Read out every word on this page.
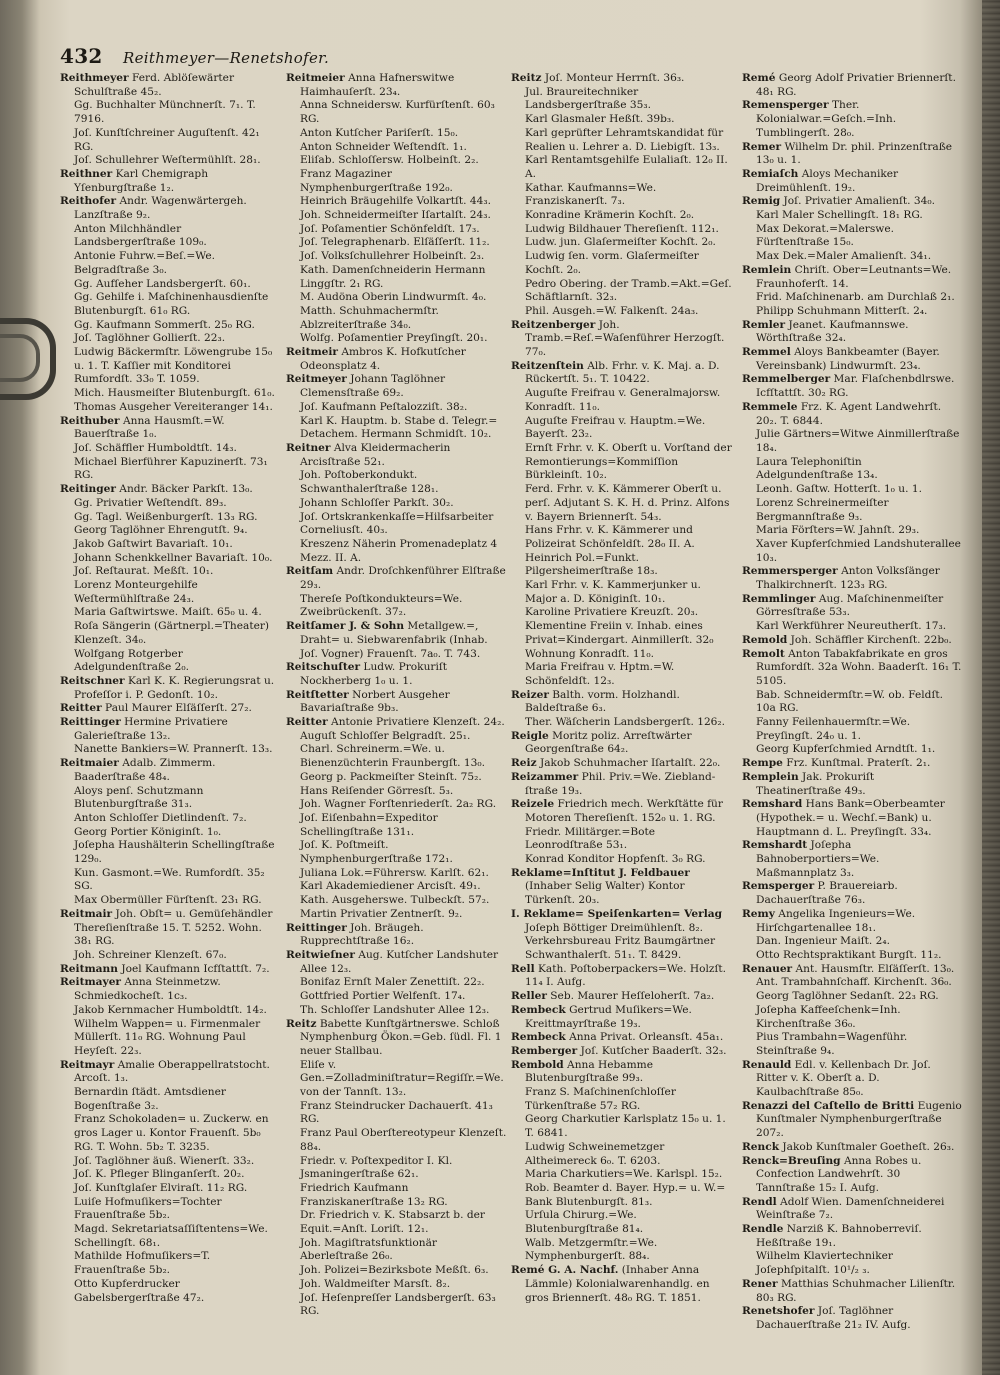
432 Reithmeyer—Renetshofer.

Reithmeyer Ferd. Ablöſewärter Schulſtraße 45₂.

Gg. Buchhalter Münchnerſt. 7₁. T. 7916.

Joſ. Kunſtſchreiner Auguſtenſt. 42₁ RG.

Joſ. Schullehrer Weſtermühlſt. 28₁.

Reithner Karl Chemigraph Yſenburgſtraße 1₂.

Reithofer Andr. Wagenwärtergeh. Lanzſtraße 9₂.

Anton Milchhändler Landsbergerſtraße 109₀.

Antonie Fuhrw.=Beſ.=We. Belgradſtraße 3₀.

Gg. Aufſeher Landsbergerſt. 60₁.

Gg. Gehilfe i. Maſchinenhausdienſte Blutenburgſt. 61₀ RG.

Gg. Kaufmann Sommerſt. 25₀ RG.

Joſ. Taglöhner Gollierſt. 22₃.

Ludwig Bäckermſtr. Löwengrube 15₀ u. 1. T. Kaſſier mit Konditorei Rumfordſt. 33₀ T. 1059.

Mich. Hausmeiſter Blutenburgſt. 61₀.

Thomas Ausgeher Vereiteranger 14₁.

Reithuber Anna Hausmſt.=W. Bauerſtraße 1₀.

Joſ. Schäffler Humboldtſt. 14₃.

Michael Bierführer Kapuzinerſt. 73₁ RG.

Reitinger Andr. Bäcker Parkſt. 13₀.

Gg. Privatier Weſtendſt. 89₃.

Gg. Tagl. Weißenburgerſt. 13₃ RG.

Georg Taglöhner Ehrengutſt. 9₄.

Jakob Gaſtwirt Bavariaſt. 10₁.

Johann Schenkkellner Bavariaſt. 10₀.

Joſ. Reſtaurat. Meßſt. 10₁.

Lorenz Monteurgehilfe Weſtermühlſtraße 24₃.

Maria Gaſtwirtswe. Maiſt. 65₀ u. 4.

Roſa Sängerin (Gärtnerpl.=Theater) Klenzeſt. 34₀.

Wolfgang Rotgerber Adelgundenſtraße 2₀.

Reitschner Karl K. K. Regierungsrat u. Profeſſor i. P. Gedonſt. 10₂.

Reitter Paul Maurer Elſäſſerſt. 27₂.

Reittinger Hermine Privatiere Galerieſtraße 13₂.

Nanette Bankiers=W. Prannerſt. 13₃.

Reitmaier Adalb. Zimmerm. Baaderſtraße 48₄.

Aloys penſ. Schutzmann Blutenburgſtraße 31₃.

Anton Schloſſer Dietlindenſt. 7₂.

Georg Portier Königinſt. 1₀.

Joſepha Haushälterin Schellingſtraße 129₀.

Kun. Gasmont.=We. Rumfordſt. 35₂ SG.

Max Obermüller Fürſtenſt. 23₁ RG.

Reitmair Joh. Obſt= u. Gemüſehändler Thereſienſtraße 15. T. 5252. Wohn. 38₁ RG.

Joh. Schreiner Klenzeſt. 67₀.

Reitmann Joel Kaufmann Icfſtattſt. 7₂.

Reitmayer Anna Steinmetzw. Schmiedkocheſt. 1c₃.

Jakob Kernmacher Humboldtſt. 14₂.

Wilhelm Wappen= u. Firmenmaler Müllerſt. 11₀ RG. Wohnung Paul Heyſeſt. 22₃.

Reitmayr Amalie Oberappellratstocht. Arcoſt. 1₃.

Bernardin ſtädt. Amtsdiener Bogenſtraße 3₂.

Franz Schokoladen= u. Zuckerw. en gros Lager u. Kontor Frauenſt. 5b₀ RG. T. Wohn. 5b₂ T. 3235.

Joſ. Taglöhner äuß. Wienerſt. 33₂.

Joſ. K. Pfleger Blinganſerſt. 20₂.

Joſ. Kunſtglaſer Elviraſt. 11₂ RG.

Luiſe Hofmuſikers=Tochter Frauenſtraße 5b₂.

Magd. Sekretariatsaſſiſtentens=We. Schellingſt. 68₁.

Mathilde Hofmuſikers=T. Frauenſtraße 5b₂.

Otto Kupferdrucker Gabelsbergerſtraße 47₂.

Reitmeier Anna Hafnerswitwe Haimhauſerſt. 23₄.

Anna Schneidersw. Kurfürſtenſt. 60₃ RG.

Anton Kutſcher Pariſerſt. 15₀.

Anton Schneider Weſtendſt. 1₁.

Eliſab. Schloſſersw. Holbeinſt. 2₂.

Franz Magaziner Nymphenburgerſtraße 192₀.

Heinrich Bräugehilfe Volkartſt. 44₃.

Joh. Schneidermeiſter Iſartalſt. 24₃.

Joſ. Poſamentier Schönfeldſt. 17₃.

Joſ. Telegraphenarb. Elſäſſerſt. 11₂.

Joſ. Volksſchullehrer Holbeinſt. 2₃.

Kath. Damenſchneiderin Hermann Linggſtr. 2₁ RG.

M. Audöna Oberin Lindwurmſt. 4₀.

Matth. Schuhmachermſtr. Ablzreiterſtraße 34₀.

Wolfg. Poſamentier Preyſingſt. 20₁.

Reitmeir Ambros K. Hofkutſcher Odeonsplatz 4.

Reitmeyer Johann Taglöhner Clemensſtraße 69₂.

Joſ. Kaufmann Peſtalozziſt. 38₂.

Karl K. Hauptm. b. Stabe d. Telegr.= Detachem. Hermann Schmidſt. 10₂.

Reitner Alva Kleidermacherin Arcisſtraße 52₁.

Joh. Poſtoberkondukt. Schwanthalerſtraße 128₁.

Johann Schloſſer Parkſt. 30₂.

Joſ. Ortskrankenkaſſe=Hilfsarbeiter Corneliusſt. 40₃.

Kreszenz Näherin Promenadeplatz 4 Mezz. II. A.

Reitſam Andr. Droſchkenführer Elſtraße 29₃.

Thereſe Poſtkondukteurs=We. Zweibrückenſt. 37₂.

Reitſamer J. & Sohn Metallgew.=, Draht= u. Siebwarenfabrik (Inhab. Joſ. Vogner) Frauenſt. 7a₀. T. 743.

Reitschuſter Ludw. Prokuriſt Nockherberg 1₀ u. 1.

Reitſtetter Norbert Ausgeher Bavariaſtraße 9b₃.

Reitter Antonie Privatiere Klenzeſt. 24₂.

Auguſt Schloſſer Belgradſt. 25₁.

Charl. Schreinerm.=We. u. Bienenzüchterin Fraunbergſt. 13₀.

Georg p. Packmeiſter Steinſt. 75₂.

Hans Reiſender Görresſt. 5₃.

Joh. Wagner Forſtenriederſt. 2a₂ RG.

Joſ. Eiſenbahn=Expeditor Schellingſtraße 131₁.

Joſ. K. Poſtmeiſt. Nymphenburgerſtraße 172₁.

Juliana Lok.=Führersw. Karlſt. 62₁.

Karl Akademiediener Arcisſt. 49₁.

Kath. Ausgeherswe. Tulbeckſt. 57₂.

Martin Privatier Zentnerſt. 9₂.

Reittinger Joh. Bräugeh. Rupprechtſtraße 16₂.

Reitwieſner Aug. Kutſcher Landshuter Allee 12₃.

Bonifaz Ernſt Maler Zenettiſt. 22₂.

Gottfried Portier Welfenſt. 17₄.

Th. Schloſſer Landshuter Allee 12₃.

Reitz Babette Kunſtgärtnerswe. Schloß Nymphenburg Ökon.=Geb. ſüdl. Fl. 1 neuer Stallbau.

Eliſe v. Gen.=Zolladminiſtratur=Regiſſr.=We. von der Tannſt. 13₂.

Franz Steindrucker Dachauerſt. 41₃ RG.

Franz Paul Oberſtereotypeur Klenzeſt. 88₄.

Friedr. v. Poſtexpeditor I. Kl. Jsmaningerſtraße 62₁.

Friedrich Kaufmann Franziskanerſtraße 13₂ RG.

Dr. Friedrich v. K. Stabsarzt b. der Equit.=Anſt. Loriſt. 12₁.

Joh. Magiſtratsfunktionär Aberleſtraße 26₀.

Joh. Polizei=Bezirksbote Meßſt. 6₃.

Joh. Waldmeiſter Marsſt. 8₂.

Joſ. Heſenpreſſer Landsbergerſt. 63₃ RG.

Reitz Joſ. Monteur Herrnſt. 36₃.

Jul. Braureitechniker Landsbergerſtraße 35₃.

Karl Glasmaler Heßſt. 39b₃.

Karl geprüfter Lehramtskandidat für Realien u. Lehrer a. D. Liebigſt. 13₃.

Karl Rentamtsgehilfe Eulaliaſt. 12₀ II. A.

Kathar. Kaufmanns=We. Franziskanerſt. 7₃.

Konradine Krämerin Kochſt. 2₀.

Ludwig Bildhauer Thereſienſt. 112₁.

Ludw. jun. Glaſermeiſter Kochſt. 2₀.

Ludwig ſen. vorm. Glaſermeiſter Kochſt. 2₀.

Pedro Obering. der Tramb.=Akt.=Geſ. Schäftlarnſt. 32₃.

Phil. Ausgeh.=W. Falkenſt. 24a₃.

Reitzenberger Joh. Tramb.=Reſ.=Waſenführer Herzogſt. 77₀.

Reitzenſtein Alb. Frhr. v. K. Maj. a. D. Rückertſt. 5₁. T. 10422.

Auguſte Freifrau v. Generalmajorsw. Konradſt. 11₀.

Auguſte Freifrau v. Hauptm.=We. Bayerſt. 23₂.

Ernſt Frhr. v. K. Oberſt u. Vorſtand der Remontierungs=Kommiſſion Bürkleinſt. 10₂.

Ferd. Frhr. v. K. Kämmerer Oberſt u. perſ. Adjutant S. K. H. d. Prinz. Alfons v. Bayern Briennerſt. 54₃.

Hans Frhr. v. K. Kämmerer und Polizeirat Schönfeldſt. 28₀ II. A.

Heinrich Pol.=Funkt. Pilgersheimerſtraße 18₃.

Karl Frhr. v. K. Kammerjunker u. Major a. D. Königinſt. 10₁.

Karoline Privatiere Kreuzſt. 20₃.

Klementine Freiin v. Inhab. eines Privat=Kindergart. Ainmillerſt. 32₀ Wohnung Konradſt. 11₀.

Maria Freifrau v. Hptm.=W. Schönfeldſt. 12₃.

Reizer Balth. vorm. Holzhandl. Baldeſtraße 6₃.

Ther. Wäſcherin Landsbergerſt. 126₂.

Reigle Moritz poliz. Arreſtwärter Georgenſtraße 64₂.

Reiz Jakob Schuhmacher Iſartalſt. 22₀.

Reizammer Phil. Priv.=We. Zieblandſtraße 19₃.

Reizele Friedrich mech. Werkſtätte für Motoren Thereſienſt. 152₀ u. 1. RG.

Friedr. Militärger.=Bote Leonrodſtraße 53₁.

Konrad Konditor Hopfenſt. 3₀ RG.

Reklame=Inſtitut J. Feldbauer (Inhaber Selig Walter) Kontor Türkenſt. 20₃.

I. Reklame= Speiſenkarten= Verlag Joſeph Böttiger Dreimühlenſt. 8₂.

Verkehrsbureau Fritz Baumgärtner Schwanthalerſt. 51₁. T. 8429.

Rell Kath. Poſtoberpackers=We. Holzſt. 11₄ I. Aufg.

Reller Seb. Maurer Heſſeloherſt. 7a₂.

Rembeck Gertrud Muſikers=We. Kreittmayrſtraße 19₃.

Rembeck Anna Privat. Orleansſt. 45a₁.

Remberger Joſ. Kutſcher Baaderſt. 32₃.

Rembold Anna Hebamme Blutenburgſtraße 99₃.

Franz S. Maſchinenſchloſſer Türkenſtraße 57₂ RG.

Georg Charkutier Karlsplatz 15₀ u. 1. T. 6841.

Ludwig Schweinemetzger Altheimereck 6₀. T. 6203.

Maria Charkutiers=We. Karlspl. 15₂.

Rob. Beamter d. Bayer. Hyp.= u. W.= Bank Blutenburgſt. 81₃.

Urſula Chirurg.=We. Blutenburgſtraße 81₄.

Walb. Metzgermſtr.=We. Nymphenburgerſt. 88₄.

Remé G. A. Nachf. (Inhaber Anna Lämmle) Kolonialwarenhandlg. en gros Briennerſt. 48₀ RG. T. 1851.

Remé Georg Adolf Privatier Briennerſt. 48₁ RG.

Remensperger Ther. Kolonialwar.=Geſch.=Inh. Tumblingerſt. 28₀.

Remer Wilhelm Dr. phil. Prinzenſtraße 13₀ u. 1.

Remiaſch Aloys Mechaniker Dreimühlenſt. 19₂.

Remig Joſ. Privatier Amalienſt. 34₀.

Karl Maler Schellingſt. 18₁ RG.

Max Dekorat.=Malerswe. Fürſtenſtraße 15₀.

Max Dek.=Maler Amalienſt. 34₁.

Remlein Chriſt. Ober=Leutnants=We. Fraunhoferſt. 14.

Frid. Maſchinenarb. am Durchlaß 2₁.

Philipp Schuhmann Mitterſt. 2₄.

Remler Jeanet. Kaufmannswe. Wörthſtraße 32₄.

Remmel Aloys Bankbeamter (Bayer. Vereinsbank) Lindwurmſt. 23₄.

Remmelberger Mar. Flaſchenbdlrswe. Icfſtattſt. 30₂ RG.

Remmele Frz. K. Agent Landwehrſt. 20₂. T. 6844.

Julie Gärtners=Witwe Ainmillerſtraße 18₄.

Laura Telephoniſtin Adelgundenſtraße 13₄.

Leonh. Gaſtw. Hotterſt. 1₀ u. 1.

Lorenz Schreinermeiſter Bergmannſtraße 9₃.

Maria Förſters=W. Jahnſt. 29₃.

Xaver Kupferſchmied Landshuterallee 10₃.

Remmersperger Anton Volksſänger Thalkirchnerſt. 123₃ RG.

Remmlinger Aug. Maſchinenmeiſter Görresſtraße 53₃.

Karl Werkführer Neureutherſt. 17₃.

Remold Joh. Schäffler Kirchenſt. 22b₀.

Remolt Anton Tabakfabrikate en gros Rumfordſt. 32a Wohn. Baaderſt. 16₁ T. 5105.

Bab. Schneidermſtr.=W. ob. Feldſt. 10a RG.

Fanny Feilenhauermſtr.=We. Preyſingſt. 24₀ u. 1.

Georg Kupferſchmied Arndtſt. 1₁.

Rempe Frz. Kunſtmal. Praterſt. 2₁.

Remplein Jak. Prokuriſt Theatinerſtraße 49₃.

Remshard Hans Bank=Oberbeamter (Hypothek.= u. Wechſ.=Bank) u. Hauptmann d. L. Preyſingſt. 33₄.

Remshardt Joſepha Bahnoberportiers=We. Maßmannplatz 3₃.

Remsperger P. Brauereiarb. Dachauerſtraße 76₃.

Remy Angelika Ingenieurs=We. Hirſchgartenallee 18₁.

Dan. Ingenieur Maiſt. 2₄.

Otto Rechtspraktikant Burgſt. 11₂.

Renauer Ant. Hausmſtr. Elſäſſerſt. 13₀.

Ant. Trambahnſchaff. Kirchenſt. 36₀.

Georg Taglöhner Sedanſt. 22₃ RG.

Joſepha Kaffeeſchenk=Inh. Kirchenſtraße 36₀.

Pius Trambahn=Wagenführ. Steinſtraße 9₄.

Renauld Edl. v. Kellenbach Dr. Joſ. Ritter v. K. Oberſt a. D. Kaulbachſtraße 85₀.

Renazzi del Caſtello de Britti Eugenio Kunſtmaler Nymphenburgerſtraße 207₂.

Renck Jakob Kunſtmaler Goetheſt. 26₃.

Renck=Breuſing Anna Robes u. Confection Landwehrſt. 30 Tannſtraße 15₂ I. Aufg.

Rendl Adolf Wien. Damenſchneiderei Weinſtraße 7₂.

Rendle Narziß K. Bahnoberreviſ. Heßſtraße 19₁.

Wilhelm Klaviertechniker Joſephſpitalſt. 10¹/₂ ₃.

Rener Matthias Schuhmacher Lilienſtr. 80₃ RG.

Renetshofer Joſ. Taglöhner Dachauerſtraße 21₂ IV. Aufg.
